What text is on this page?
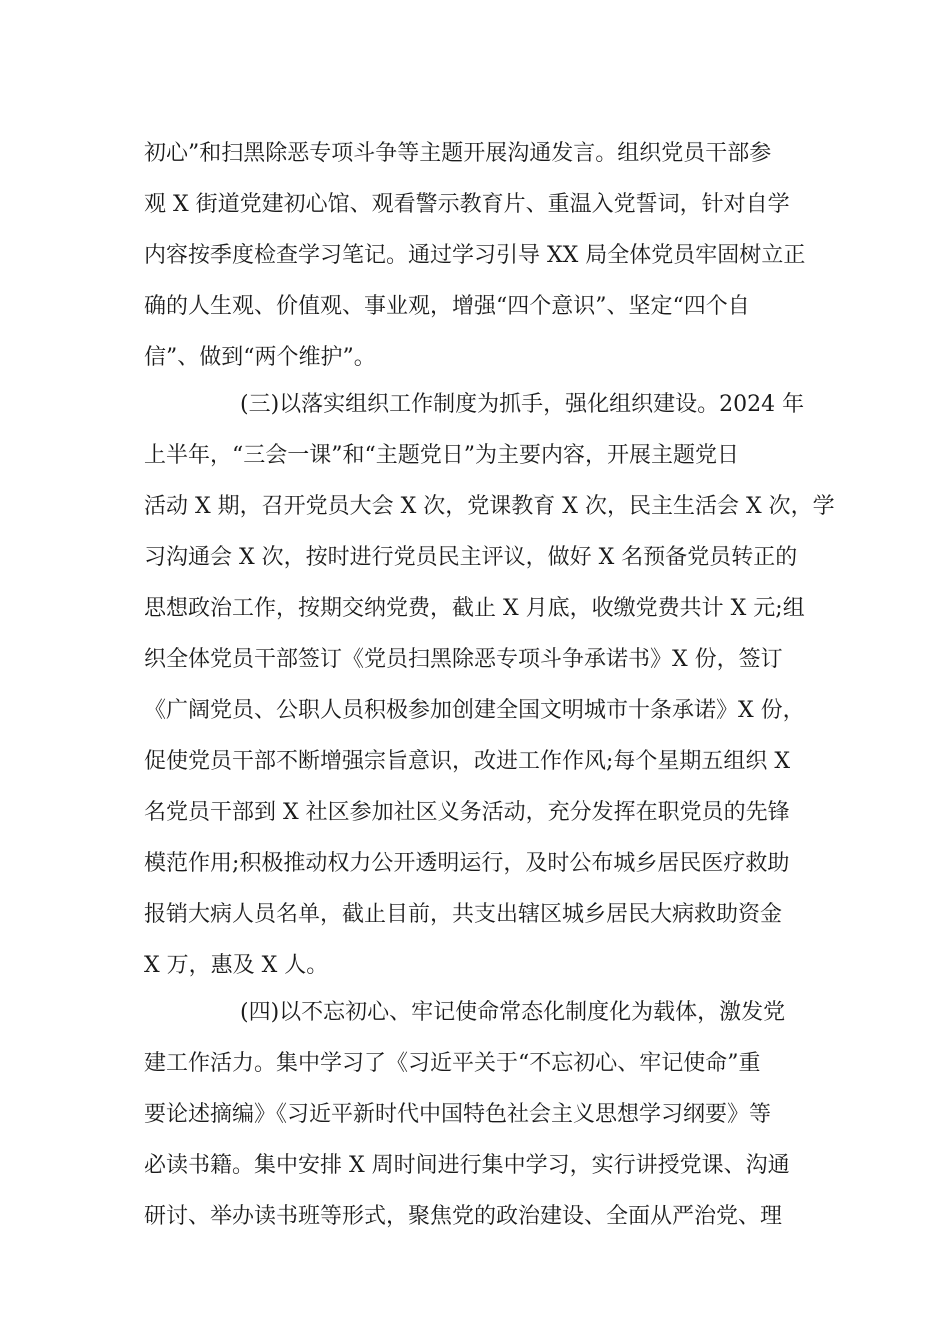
初心”和扫黑除恶专项斗争等主题开展沟通发言。组织党员干部参
观 X 街道党建初心馆、观看警示教育片、重温入党誓词，针对自学
内容按季度检查学习笔记。通过学习引导 XX 局全体党员牢固树立正
确的人生观、价值观、事业观，增强“四个意识”、坚定“四个自
信”、做到“两个维护”。
(三)以落实组织工作制度为抓手，强化组织建设。2024 年
上半年，“三会一课”和“主题党日”为主要内容，开展主题党日
活动 X 期，召开党员大会 X 次，党课教育 X 次，民主生活会 X 次，学
习沟通会 X 次，按时进行党员民主评议，做好 X 名预备党员转正的
思想政治工作，按期交纳党费，截止 X 月底，收缴党费共计 X 元;组
织全体党员干部签订《党员扫黑除恶专项斗争承诺书》X 份，签订
《广阔党员、公职人员积极参加创建全国文明城市十条承诺》X 份，
促使党员干部不断增强宗旨意识，改进工作作风;每个星期五组织 X
名党员干部到 X 社区参加社区义务活动，充分发挥在职党员的先锋
模范作用;积极推动权力公开透明运行，及时公布城乡居民医疗救助
报销大病人员名单，截止目前，共支出辖区城乡居民大病救助资金
X 万，惠及 X 人。
(四)以不忘初心、牢记使命常态化制度化为载体，激发党
建工作活力。集中学习了《习近平关于“不忘初心、牢记使命”重
要论述摘编》《习近平新时代中国特色社会主义思想学习纲要》等
必读书籍。集中安排 X 周时间进行集中学习，实行讲授党课、沟通
研讨、举办读书班等形式，聚焦党的政治建设、全面从严治党、理
